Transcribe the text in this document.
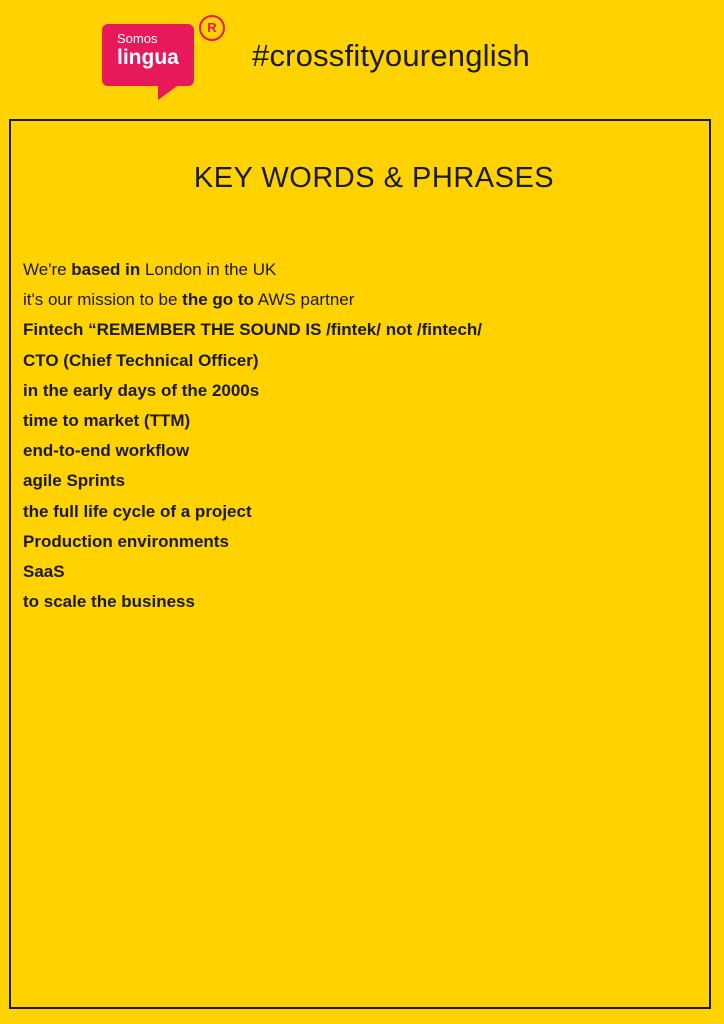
Somos
lingua
R
#crossfityourenglish
KEY WORDS & PHRASES
We're based in London in the UK
it's our mission to be the go to AWS partner
Fintech “REMEMBER THE SOUND IS /fintek/ not /fintech/
CTO (Chief Technical Officer)
in the early days of the 2000s
time to market (TTM)
end-to-end workflow
agile Sprints
the full life cycle of a project
Production environments
SaaS
to scale the business
